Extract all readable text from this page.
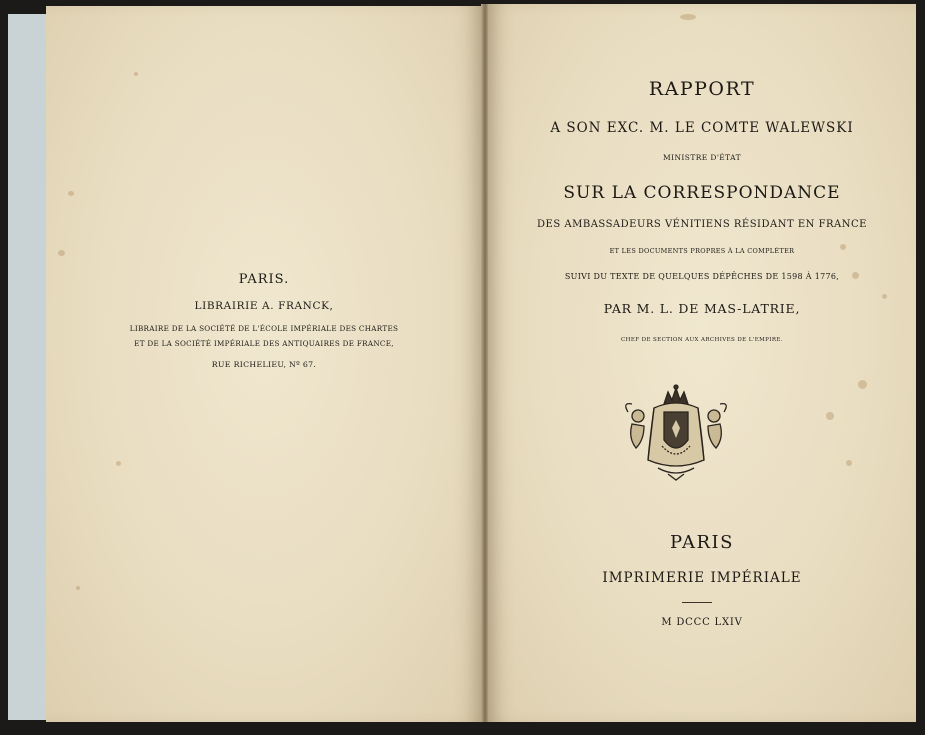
PARIS.
LIBRAIRIE A. FRANCK,
LIBRAIRE DE LA SOCIÉTÉ DE L'ÉCOLE IMPÉRIALE DES CHARTES
ET DE LA SOCIÉTÉ IMPÉRIALE DES ANTIQUAIRES DE FRANCE,
RUE RICHELIEU, Nº 67.
RAPPORT
A SON EXC. M. LE COMTE WALEWSKI
MINISTRE D'ÉTAT
SUR LA CORRESPONDANCE
DES AMBASSADEURS VÉNITIENS RÉSIDANT EN FRANCE
ET LES DOCUMENTS PROPRES À LA COMPLÉTER
SUIVI DU TEXTE DE QUELQUES DÉPÊCHES DE 1598 À 1776,
PAR M. L. DE MAS-LATRIE,
CHEF DE SECTION AUX ARCHIVES DE L'EMPIRE.
PARIS
IMPRIMERIE IMPÉRIALE
M DCCC LXIV
